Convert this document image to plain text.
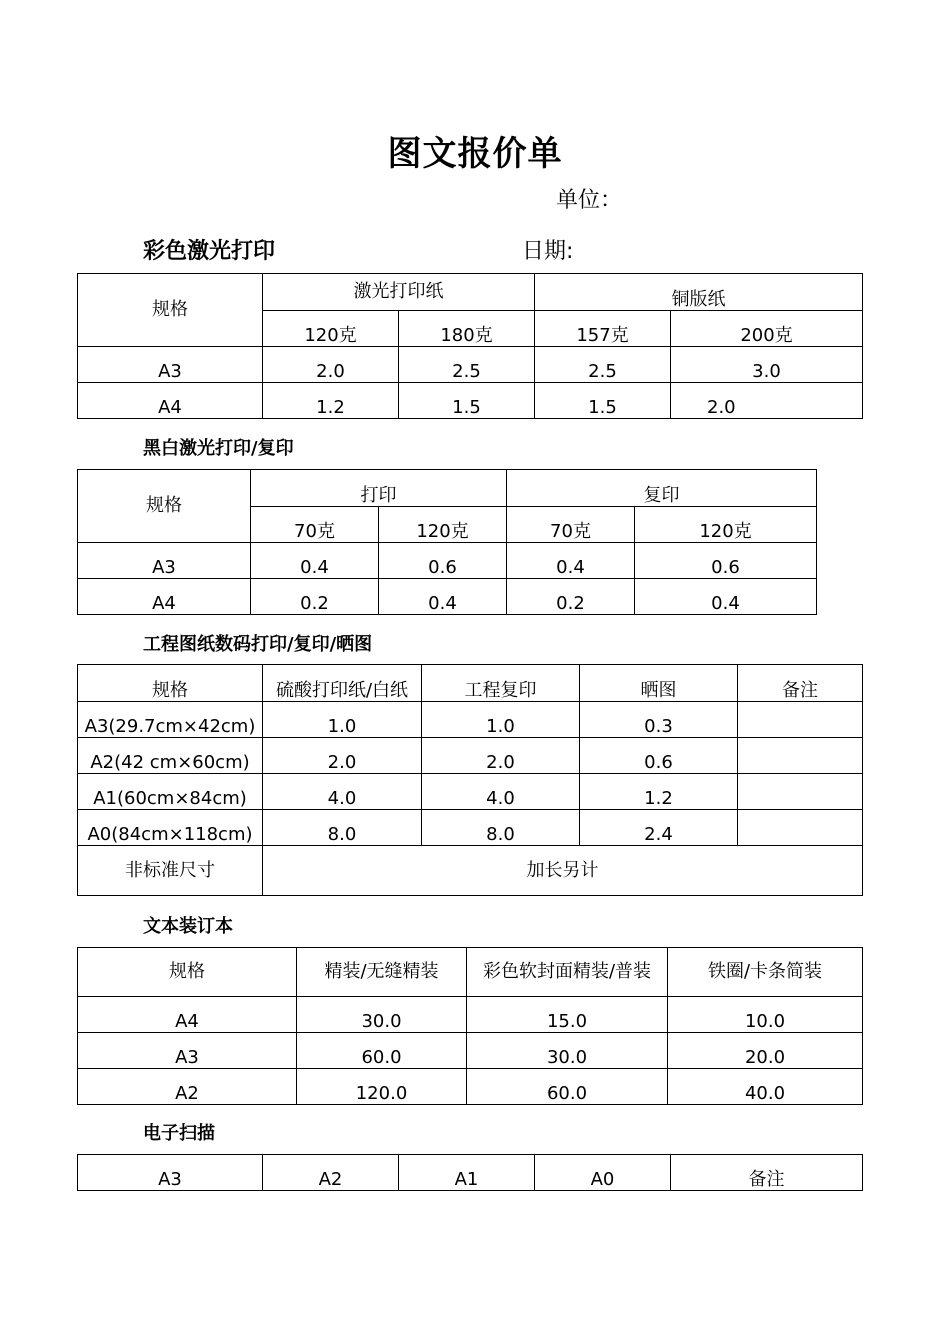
图文报价单
单位：
彩色激光打印	日期:
规格	激光打印纸		铜版纸	
	120克	180克	157克	200克
A3	2.0	2.5	2.5	3.0
A4	1.2	1.5	1.5	2.0
黑白激光打印/复印
规格	打印		复印	
	70克	120克	70克	120克
A3	0.4	0.6	0.4	0.6
A4	0.2	0.4	0.2	0.4
工程图纸数码打印/复印/晒图
规格	硫酸打印纸/白纸	工程复印	晒图	备注
A3(29.7cm×42cm)	1.0	1.0	0.3	
A2(42 cm×60cm)	2.0	2.0	0.6	
A1(60cm×84cm)	4.0	4.0	1.2	
A0(84cm×118cm)	8.0	8.0	2.4	
非标准尺寸	加长另计			
文本装订本
规格	精装/无缝精装	彩色软封面精装/普装	铁圈/卡条简装
A4	30.0	15.0	10.0
A3	60.0	30.0	20.0
A2	120.0	60.0	40.0
电子扫描
A3	A2	A1	A0	备注
